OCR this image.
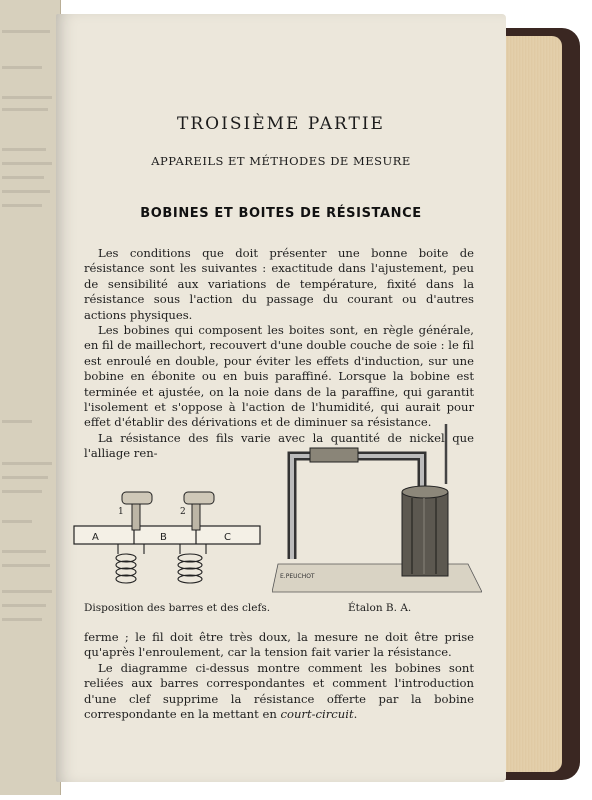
TROISIÈME PARTIE
APPAREILS ET MÉTHODES DE MESURE
BOBINES ET BOITES DE RÉSISTANCE

Les conditions que doit présenter une bonne boite de résistance sont les suivantes : exactitude dans l'ajustement, peu de sensibilité aux variations de température, fixité dans la résistance sous l'action du passage du courant ou d'autres actions physiques.

Les bobines qui composent les boites sont, en règle générale, en fil de maillechort, recouvert d'une double couche de soie : le fil est enroulé en double, pour éviter les effets d'induction, sur une bobine en ébonite ou en buis paraffiné. Lorsque la bobine est terminée et ajustée, on la noie dans de la paraffine, qui garantit l'isolement et s'oppose à l'action de l'humidité, qui aurait pour effet d'établir des dérivations et de diminuer sa résistance.

La résistance des fils varie avec la quantité de nickel que l'alliage ren-

A	B	C
1	2
E.PEUCHOT
Disposition des barres et des clefs.	Étalon B. A.

ferme ; le fil doit être très doux, la mesure ne doit être prise qu'après l'enroulement, car la tension fait varier la résistance.

Le diagramme ci-dessus montre comment les bobines sont reliées aux barres correspondantes et comment l'introduction d'une clef supprime la résistance offerte par la bobine correspondante en la mettant en court-circuit.
